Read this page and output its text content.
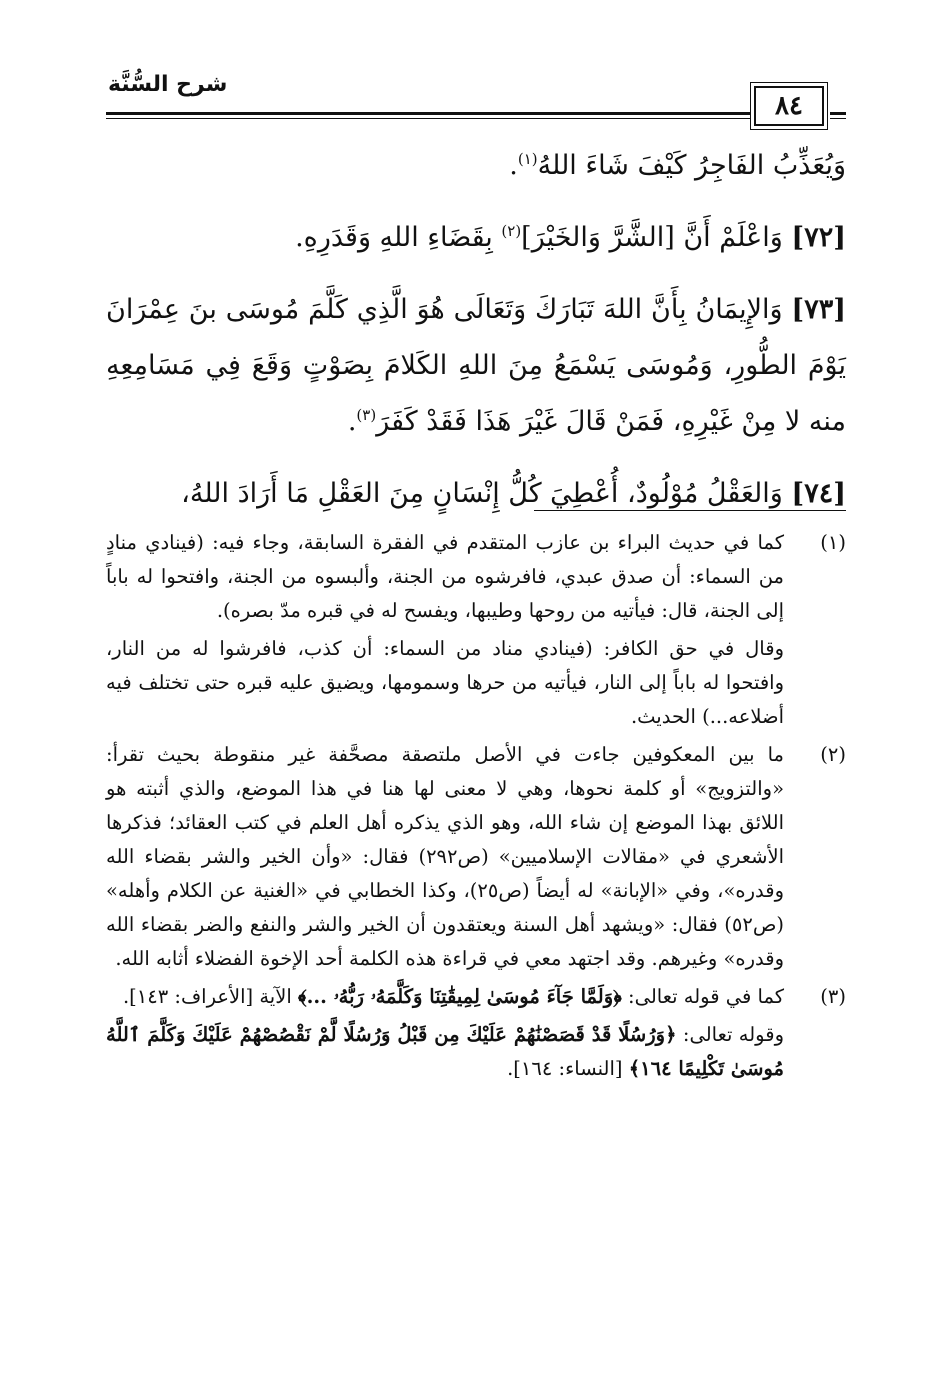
شرح السُّنَّة
٨٤

وَيُعَذِّبُ الفَاجِرُ كَيْفَ شَاءَ اللهُ$^{(١)}$.

[٧٢] وَاعْلَمْ أَنَّ [الشَّرَّ وَالخَيْرَ]$^{(٢)}$ بِقَضَاءِ اللهِ وَقَدَرِهِ.

[٧٣] وَالإِيمَانُ بِأَنَّ اللهَ تَبَارَكَ وَتَعَالَى هُوَ الَّذِي كَلَّمَ مُوسَى بنَ عِمْرَانَ يَوْمَ الطُّورِ، وَمُوسَى يَسْمَعُ مِنَ اللهِ الكَلامَ بِصَوْتٍ وَقَعَ فِي مَسَامِعِهِ منه لا مِنْ غَيْرِهِ، فَمَنْ قَالَ غَيْرَ هَذَا فَقَدْ كَفَرَ$^{(٣)}$.

[٧٤] وَالعَقْلُ مُوْلُودٌ، أُعْطِيَ كُلُّ إِنْسَانٍ مِنَ العَقْلِ مَا أَرَادَ اللهُ،

(١)

كما في حديث البراء بن عازب المتقدم في الفقرة السابقة، وجاء فيه: (فينادي منادٍ من السماء: أن صدق عبدي، فافرشوه من الجنة، وألبسوه من الجنة، وافتحوا له باباً إلى الجنة، قال: فيأتيه من روحها وطيبها، ويفسح له في قبره مدّ بصره).

وقال في حق الكافر: (فينادي مناد من السماء: أن كذب، فافرشوا له من النار، وافتحوا له باباً إلى النار، فيأتيه من حرها وسمومها، ويضيق عليه قبره حتى تختلف فيه أضلاعه...) الحديث.

(٢)

ما بين المعكوفين جاءت في الأصل ملتصقة مصحَّفة غير منقوطة بحيث تقرأ: «والتزويج» أو كلمة نحوها، وهي لا معنى لها هنا في هذا الموضع، والذي أثبته هو اللائق بهذا الموضع إن شاء الله، وهو الذي يذكره أهل العلم في كتب العقائد؛ فذكرها الأشعري في «مقالات الإسلاميين» (ص٢٩٢) فقال: «وأن الخير والشر بقضاء الله وقدره»، وفي «الإبانة» له أيضاً (ص٢٥)، وكذا الخطابي في «الغنية عن الكلام وأهله» (ص٥٢) فقال: «ويشهد أهل السنة ويعتقدون أن الخير والشر والنفع والضر بقضاء الله وقدره» وغيرهم. وقد اجتهد معي في قراءة هذه الكلمة أحد الإخوة الفضلاء أثابه الله.

(٣)

كما في قوله تعالى: ﴿وَلَمَّا جَآءَ مُوسَىٰ لِمِيقَٰتِنَا وَكَلَّمَهُۥ رَبُّهُۥ ...﴾ الآية [الأعراف: ١٤٣].

وقوله تعالى: ﴿وَرُسُلًا قَدْ قَصَصْنَٰهُمْ عَلَيْكَ مِن قَبْلُ وَرُسُلًا لَّمْ نَقْصُصْهُمْ عَلَيْكَ وَكَلَّمَ ٱللَّهُ مُوسَىٰ تَكْلِيمًا ١٦٤﴾ [النساء: ١٦٤].
